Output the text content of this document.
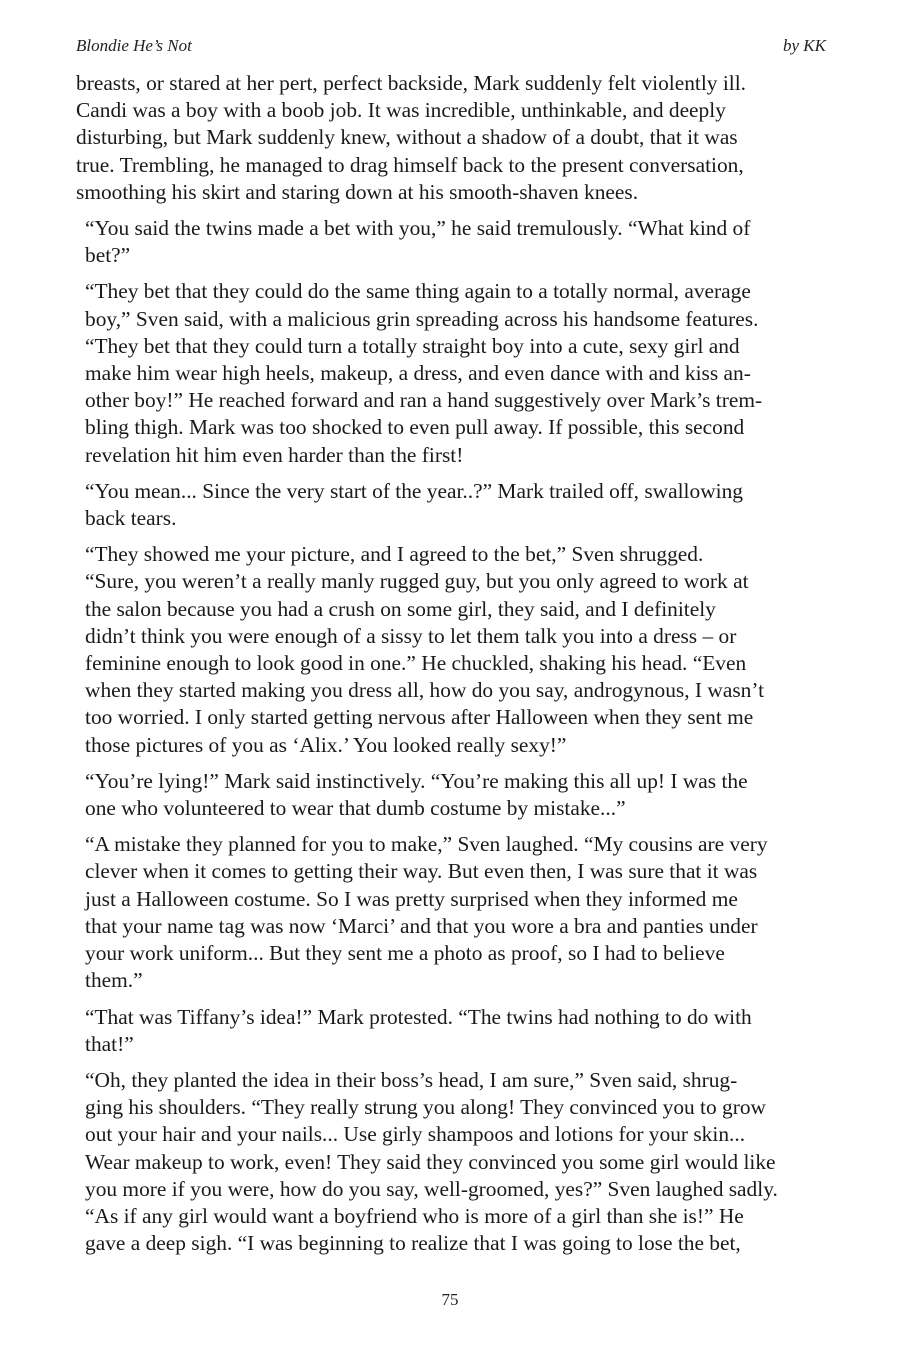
Blondie He’s Not	by KK

breasts, or stared at her pert, perfect backside, Mark suddenly felt violently ill.
Candi was a boy with a boob job. It was incredible, unthinkable, and deeply
disturbing, but Mark suddenly knew, without a shadow of a doubt, that it was
true. Trembling, he managed to drag himself back to the present conversation,
smoothing his skirt and staring down at his smooth-shaven knees.

“You said the twins made a bet with you,” he said tremulously. “What kind of
bet?”

“They bet that they could do the same thing again to a totally normal, average
boy,” Sven said, with a malicious grin spreading across his handsome features.
“They bet that they could turn a totally straight boy into a cute, sexy girl and
make him wear high heels, makeup, a dress, and even dance with and kiss an-
other boy!” He reached forward and ran a hand suggestively over Mark’s trem-
bling thigh. Mark was too shocked to even pull away. If possible, this second
revelation hit him even harder than the first!

“You mean... Since the very start of the year..?” Mark trailed off, swallowing
back tears.

“They showed me your picture, and I agreed to the bet,” Sven shrugged.
“Sure, you weren’t a really manly rugged guy, but you only agreed to work at
the salon because you had a crush on some girl, they said, and I definitely
didn’t think you were enough of a sissy to let them talk you into a dress – or
feminine enough to look good in one.” He chuckled, shaking his head. “Even
when they started making you dress all, how do you say, androgynous, I wasn’t
too worried. I only started getting nervous after Halloween when they sent me
those pictures of you as ‘Alix.’ You looked really sexy!”

“You’re lying!” Mark said instinctively. “You’re making this all up! I was the
one who volunteered to wear that dumb costume by mistake...”

“A mistake they planned for you to make,” Sven laughed. “My cousins are very
clever when it comes to getting their way. But even then, I was sure that it was
just a Halloween costume. So I was pretty surprised when they informed me
that your name tag was now ‘Marci’ and that you wore a bra and panties under
your work uniform... But they sent me a photo as proof, so I had to believe
them.”

“That was Tiffany’s idea!” Mark protested. “The twins had nothing to do with
that!”

“Oh, they planted the idea in their boss’s head, I am sure,” Sven said, shrug-
ging his shoulders. “They really strung you along! They convinced you to grow
out your hair and your nails... Use girly shampoos and lotions for your skin...
Wear makeup to work, even! They said they convinced you some girl would like
you more if you were, how do you say, well-groomed, yes?” Sven laughed sadly.
“As if any girl would want a boyfriend who is more of a girl than she is!” He
gave a deep sigh. “I was beginning to realize that I was going to lose the bet,

75
